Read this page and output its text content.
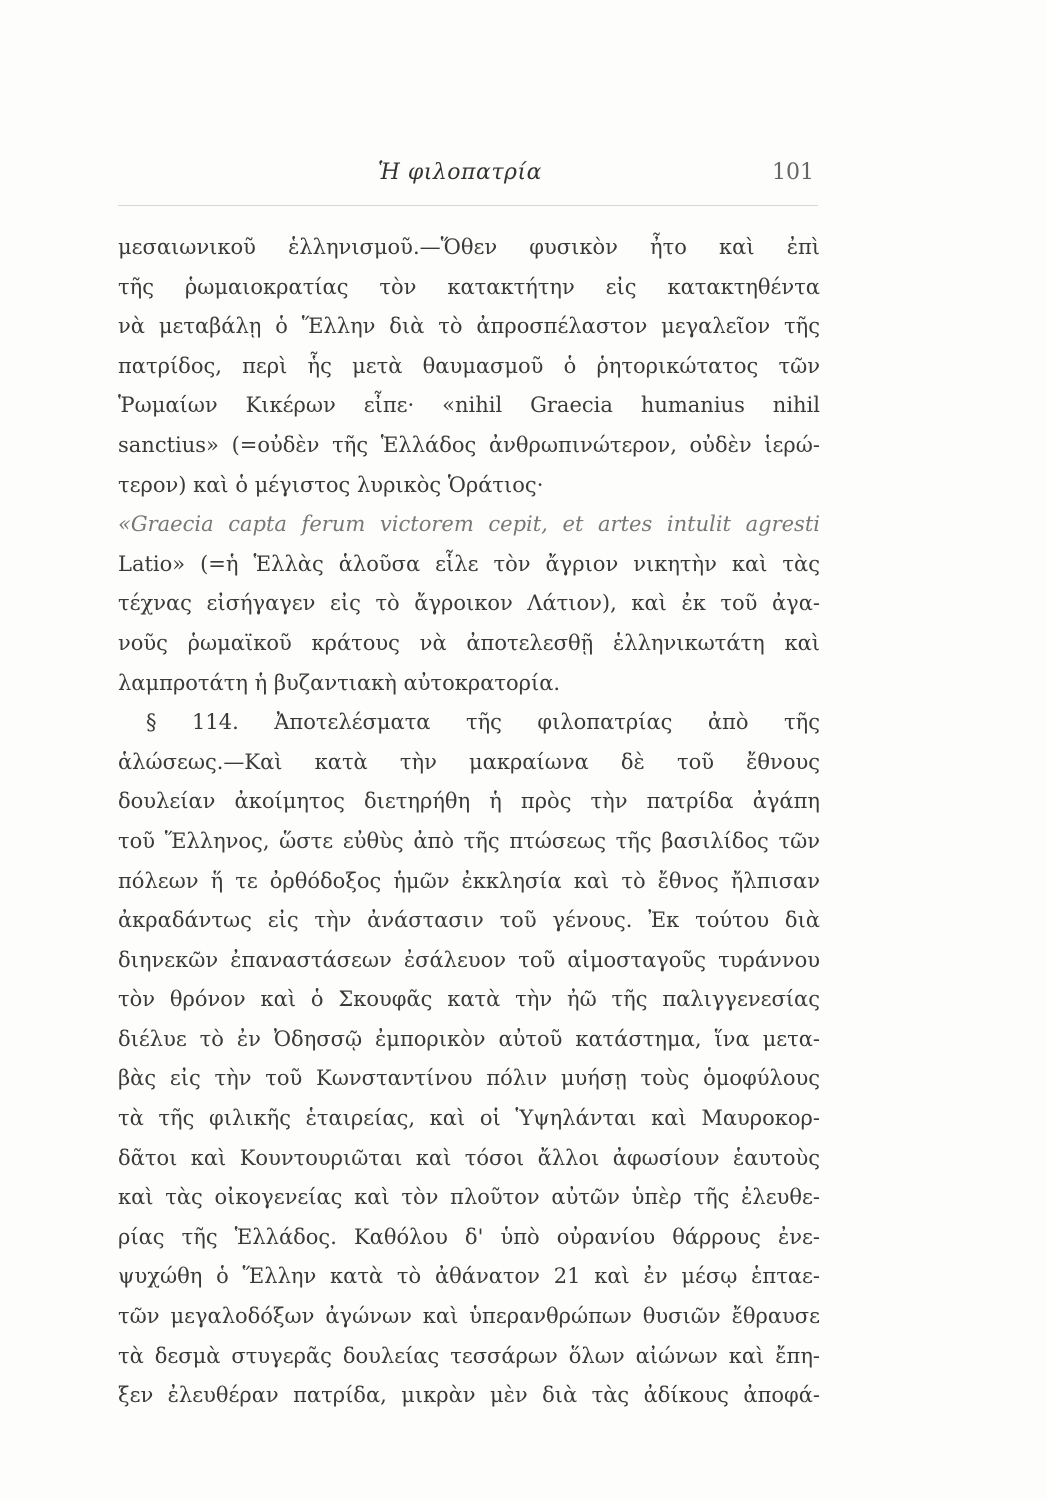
Ἡ φιλοπατρία	101
μεσαιωνικοῦ ἑλληνισμοῦ.—Ὅθεν φυσικὸν ἦτο καὶ ἐπὶ
τῆς ῥωμαιοκρατίας τὸν κατακτήτην εἰς κατακτηθέντα
νὰ μεταβάλῃ ὁ Ἕλλην διὰ τὸ ἀπροσπέλαστον μεγαλεῖον τῆς
πατρίδος, περὶ ἧς μετὰ θαυμασμοῦ ὁ ῥητορικώτατος τῶν
Ῥωμαίων Κικέρων εἶπε· «nihil Graecia humanius nihil
sanctius» (=οὐδὲν τῆς Ἑλλάδος ἀνθρωπινώτερον, οὐδὲν ἱερώ-
τερον) καὶ ὁ μέγιστος λυρικὸς Ὁράτιος·
«Graecia capta ferum victorem cepit, et artes intulit agresti
Latio» (=ἡ Ἑλλὰς ἁλοῦσα εἷλε τὸν ἄγριον νικητὴν καὶ τὰς
τέχνας εἰσήγαγεν εἰς τὸ ἄγροικον Λάτιον), καὶ ἐκ τοῦ ἀγα-
νοῦς ῥωμαϊκοῦ κράτους νὰ ἀποτελεσθῇ ἑλληνικωτάτη καὶ
λαμπροτάτη ἡ βυζαντιακὴ αὐτοκρατορία.
§ 114. Ἀποτελέσματα τῆς φιλοπατρίας ἀπὸ τῆς
ἁλώσεως.—Καὶ κατὰ τὴν μακραίωνα δὲ τοῦ ἔθνους
δουλείαν ἀκοίμητος διετηρήθη ἡ πρὸς τὴν πατρίδα ἀγάπη
τοῦ Ἕλληνος, ὥστε εὐθὺς ἀπὸ τῆς πτώσεως τῆς βασιλίδος τῶν
πόλεων ἥ τε ὀρθόδοξος ἡμῶν ἐκκλησία καὶ τὸ ἔθνος ἤλπισαν
ἀκραδάντως εἰς τὴν ἀνάστασιν τοῦ γένους. Ἐκ τούτου διὰ
διηνεκῶν ἐπαναστάσεων ἐσάλευον τοῦ αἱμοσταγοῦς τυράννου
τὸν θρόνον καὶ ὁ Σκουφᾶς κατὰ τὴν ἠῶ τῆς παλιγγενεσίας
διέλυε τὸ ἐν Ὀδησσῷ ἐμπορικὸν αὐτοῦ κατάστημα, ἵνα μετα-
βὰς εἰς τὴν τοῦ Κωνσταντίνου πόλιν μυήσῃ τοὺς ὁμοφύλους
τὰ τῆς φιλικῆς ἑταιρείας, καὶ οἱ Ὑψηλάνται καὶ Μαυροκορ-
δᾶτοι καὶ Κουντουριῶται καὶ τόσοι ἄλλοι ἀφωσίουν ἑαυτοὺς
καὶ τὰς οἰκογενείας καὶ τὸν πλοῦτον αὐτῶν ὑπὲρ τῆς ἐλευθε-
ρίας τῆς Ἑλλάδος. Καθόλου δ' ὑπὸ οὐρανίου θάρρους ἐνε-
ψυχώθη ὁ Ἕλλην κατὰ τὸ ἀθάνατον 21 καὶ ἐν μέσῳ ἑπταε-
τῶν μεγαλοδόξων ἀγώνων καὶ ὑπερανθρώπων θυσιῶν ἔθραυσε
τὰ δεσμὰ στυγερᾶς δουλείας τεσσάρων ὅλων αἰώνων καὶ ἔπη-
ξεν ἐλευθέραν πατρίδα, μικρὰν μὲν διὰ τὰς ἀδίκους ἀποφά-
